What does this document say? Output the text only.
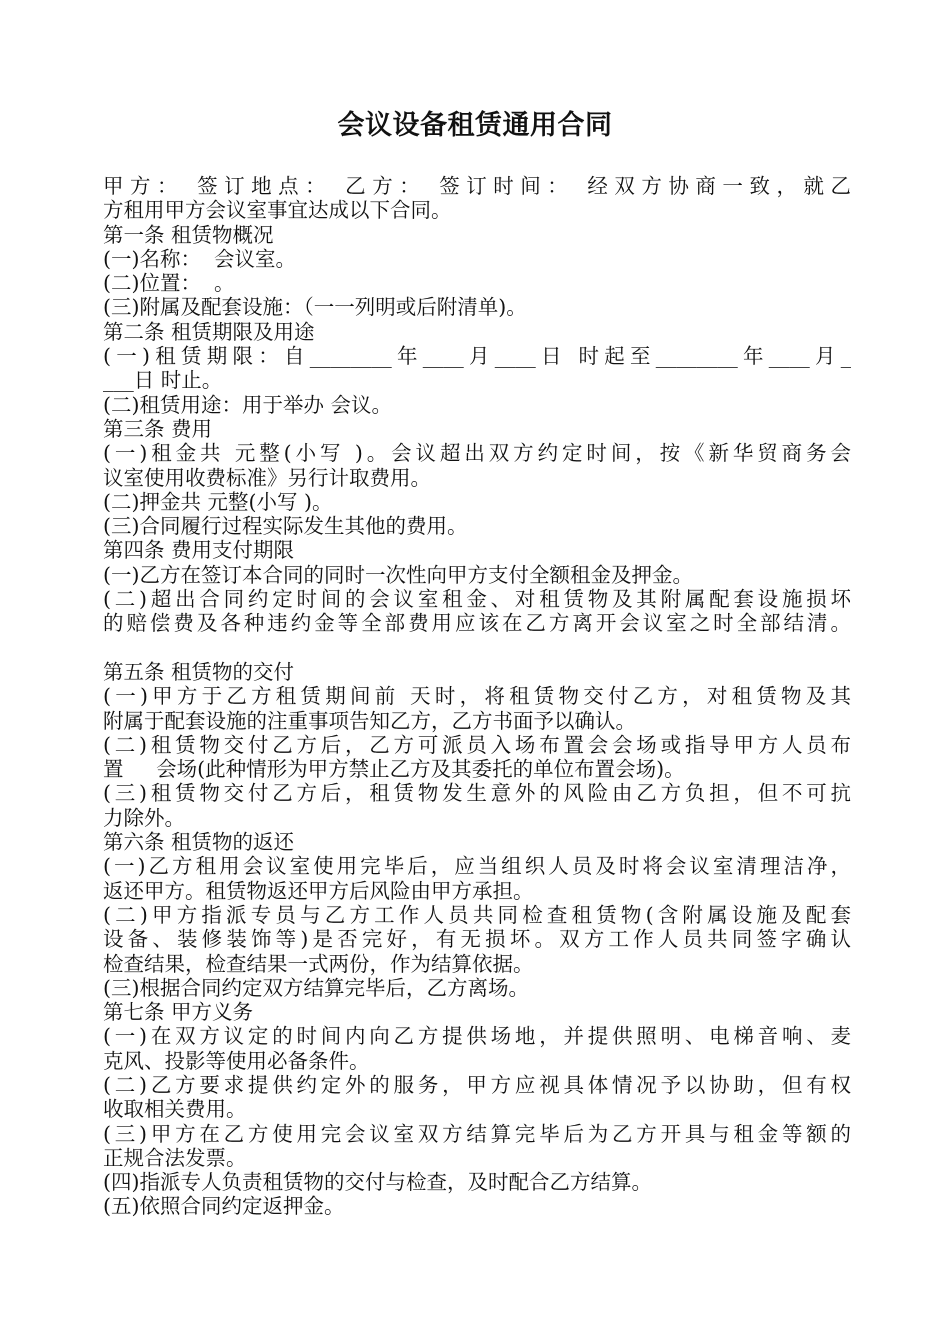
会议设备租赁通用合同
甲方： 签订地点： 乙方： 签订时间： 经双方协商一致，就乙
方租用甲方会议室事宜达成以下合同。
第一条 租赁物概况
(一)名称：  会议室。
(二)位置：  。
(三)附属及配套设施：（一一列明或后附清单)。
第二条 租赁期限及用途
(一)租赁期限：自________年____月____日 时起至________年____月_
___日 时止。
(二)租赁用途：用于举办 会议。
第三条 费用
(一)租金共 元整(小写 )。会议超出双方约定时间，按《新华贸商务会
议室使用收费标准》另行计取费用。
(二)押金共 元整(小写 )。
(三)合同履行过程实际发生其他的费用。
第四条 费用支付期限
(一)乙方在签订本合同的同时一次性向甲方支付全额租金及押金。
(二)超出合同约定时间的会议室租金、对租赁物及其附属配套设施损坏
的赔偿费及各种违约金等全部费用应该在乙方离开会议室之时全部结清。
第五条 租赁物的交付
(一)甲方于乙方租赁期间前 天时，将租赁物交付乙方，对租赁物及其
附属于配套设施的注重事项告知乙方，乙方书面予以确认。
(二)租赁物交付乙方后，乙方可派员入场布置会会场或指导甲方人员布
置     会场(此种情形为甲方禁止乙方及其委托的单位布置会场)。
(三)租赁物交付乙方后，租赁物发生意外的风险由乙方负担，但不可抗
力除外。
第六条 租赁物的返还
(一)乙方租用会议室使用完毕后，应当组织人员及时将会议室清理洁净，
返还甲方。租赁物返还甲方后风险由甲方承担。
(二)甲方指派专员与乙方工作人员共同检查租赁物(含附属设施及配套
设备、装修装饰等)是否完好，有无损坏。双方工作人员共同签字确认
检查结果，检查结果一式两份，作为结算依据。
(三)根据合同约定双方结算完毕后，乙方离场。
第七条 甲方义务
(一)在双方议定的时间内向乙方提供场地，并提供照明、电梯音响、麦
克风、投影等使用必备条件。
(二)乙方要求提供约定外的服务，甲方应视具体情况予以协助，但有权
收取相关费用。
(三)甲方在乙方使用完会议室双方结算完毕后为乙方开具与租金等额的
正规合法发票。
(四)指派专人负责租赁物的交付与检查，及时配合乙方结算。
(五)依照合同约定返押金。
